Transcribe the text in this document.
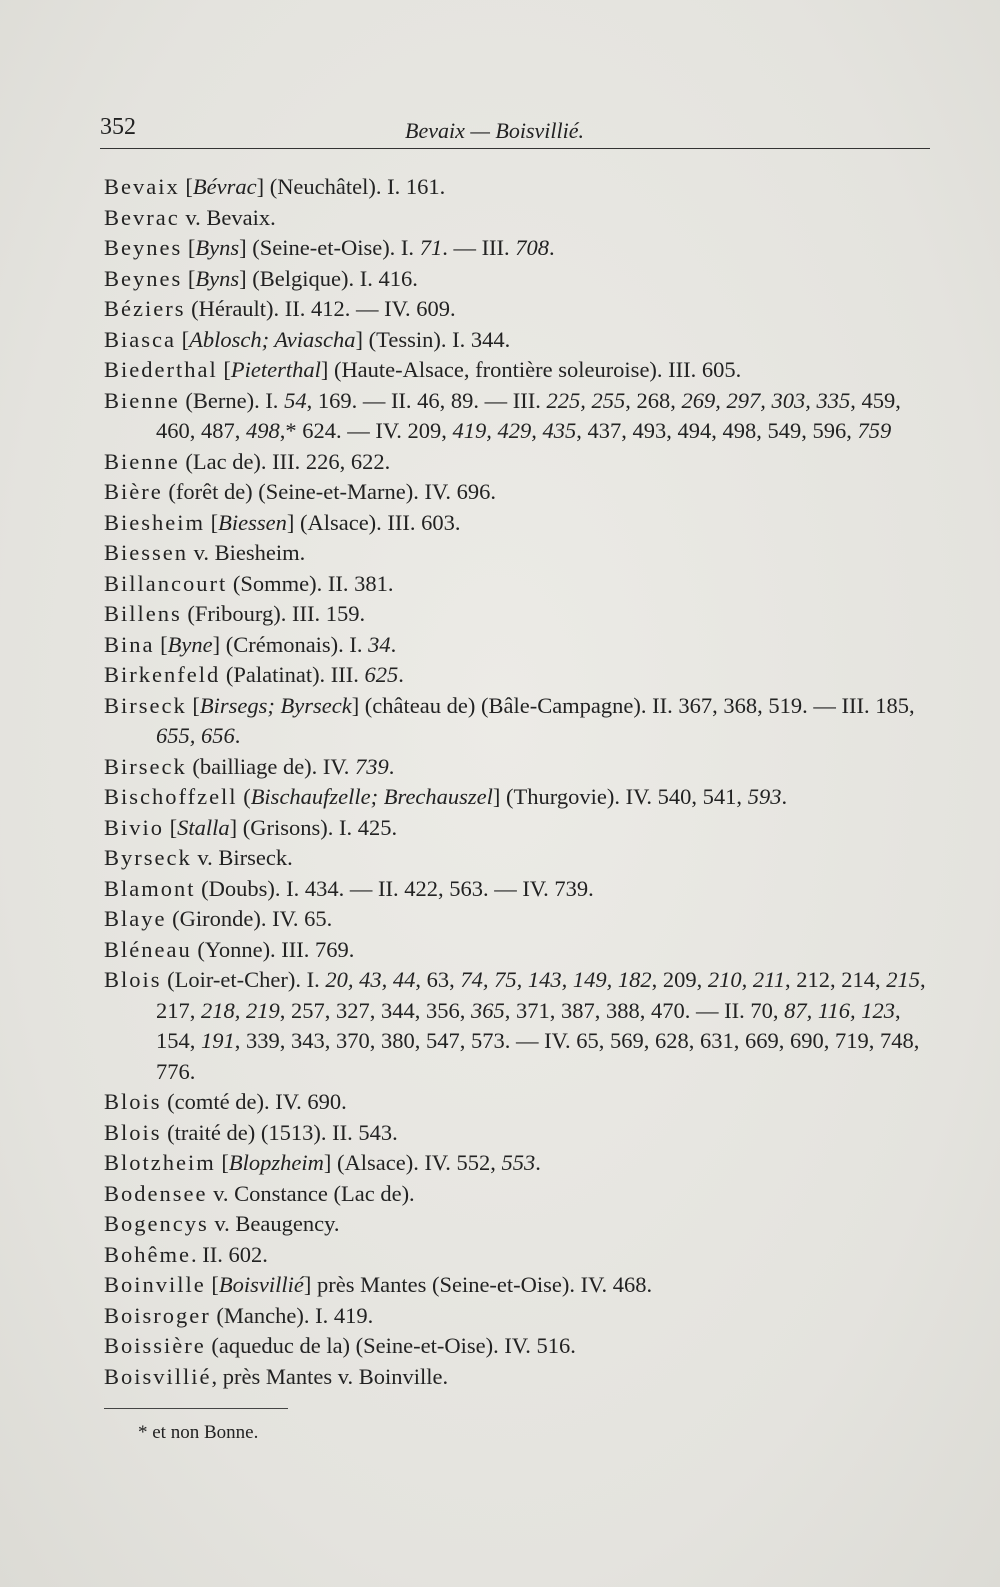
352	Bevaix — Boisvillié.

Bevaix [Bévrac] (Neuchâtel). I. 161.

Bevrac v. Bevaix.

Beynes [Byns] (Seine-et-Oise). I. 71. — III. 708.

Beynes [Byns] (Belgique). I. 416.

Béziers (Hérault). II. 412. — IV. 609.

Biasca [Ablosch; Aviascha] (Tessin). I. 344.

Biederthal [Pieterthal] (Haute-Alsace, frontière soleuroise). III. 605.

Bienne (Berne). I. 54, 169. — II. 46, 89. — III. 225, 255, 268, 269, 297, 303, 335, 459, 460, 487, 498,* 624. — IV. 209, 419, 429, 435, 437, 493, 494, 498, 549, 596, 759

Bienne (Lac de). III. 226, 622.

Bière (forêt de) (Seine-et-Marne). IV. 696.

Biesheim [Biessen] (Alsace). III. 603.

Biessen v. Biesheim.

Billancourt (Somme). II. 381.

Billens (Fribourg). III. 159.

Bina [Byne] (Crémonais). I. 34.

Birkenfeld (Palatinat). III. 625.

Birseck [Birsegs; Byrseck] (château de) (Bâle-Campagne). II. 367, 368, 519. — III. 185, 655, 656.

Birseck (bailliage de). IV. 739.

Bischoffzell (Bischaufzelle; Brechauszel] (Thurgovie). IV. 540, 541, 593.

Bivio [Stalla] (Grisons). I. 425.

Byrseck v. Birseck.

Blamont (Doubs). I. 434. — II. 422, 563. — IV. 739.

Blaye (Gironde). IV. 65.

Bléneau (Yonne). III. 769.

Blois (Loir-et-Cher). I. 20, 43, 44, 63, 74, 75, 143, 149, 182, 209, 210, 211, 212, 214, 215, 217, 218, 219, 257, 327, 344, 356, 365, 371, 387, 388, 470. — II. 70, 87, 116, 123, 154, 191, 339, 343, 370, 380, 547, 573. — IV. 65, 569, 628, 631, 669, 690, 719, 748, 776.

Blois (comté de). IV. 690.

Blois (traité de) (1513). II. 543.

Blotzheim [Blopzheim] (Alsace). IV. 552, 553.

Bodensee v. Constance (Lac de).

Bogencys v. Beaugency.

Bohême. II. 602.

Boinville [Boisvillié] près Mantes (Seine-et-Oise). IV. 468.

Boisroger (Manche). I. 419.

Boissière (aqueduc de la) (Seine-et-Oise). IV. 516.

Boisvillié, près Mantes v. Boinville.

* et non Bonne.
